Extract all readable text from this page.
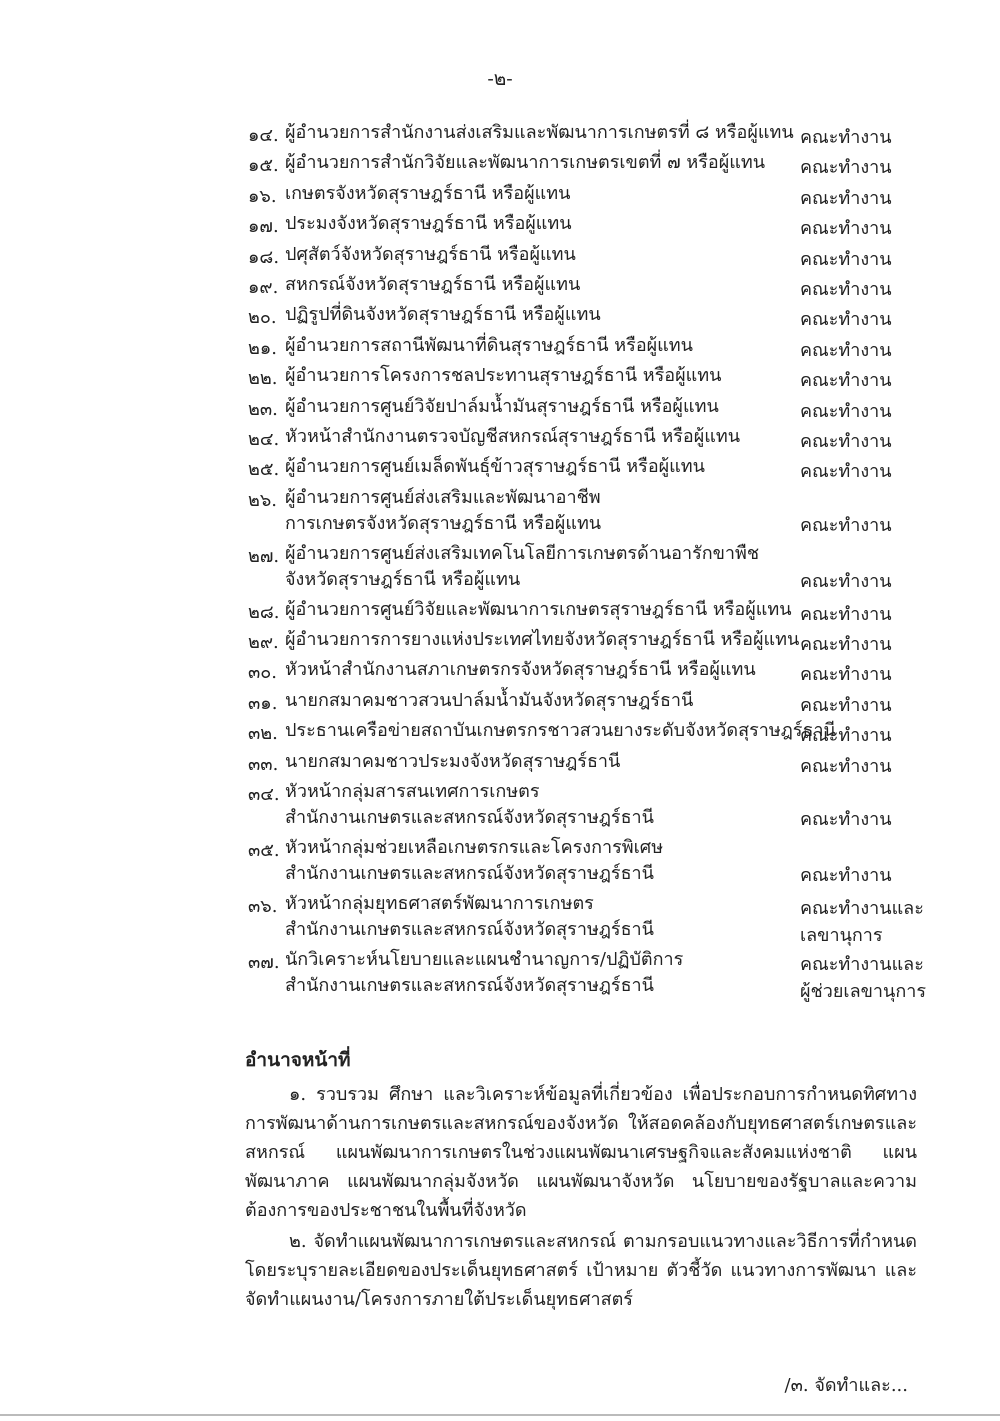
-๒-
๑๔. ผู้อำนวยการสำนักงานส่งเสริมและพัฒนาการเกษตรที่ ๘ หรือผู้แทน คณะทำงาน
๑๕. ผู้อำนวยการสำนักวิจัยและพัฒนาการเกษตรเขตที่ ๗ หรือผู้แทน คณะทำงาน
๑๖. เกษตรจังหวัดสุราษฎร์ธานี หรือผู้แทน	คณะทำงาน
๑๗. ประมงจังหวัดสุราษฎร์ธานี หรือผู้แทน	คณะทำงาน
๑๘. ปศุสัตว์จังหวัดสุราษฎร์ธานี หรือผู้แทน	คณะทำงาน
๑๙. สหกรณ์จังหวัดสุราษฎร์ธานี หรือผู้แทน	คณะทำงาน
๒๐. ปฏิรูปที่ดินจังหวัดสุราษฎร์ธานี หรือผู้แทน	คณะทำงาน
๒๑. ผู้อำนวยการสถานีพัฒนาที่ดินสุราษฎร์ธานี หรือผู้แทน	คณะทำงาน
๒๒. ผู้อำนวยการโครงการชลประทานสุราษฎร์ธานี หรือผู้แทน	คณะทำงาน
๒๓. ผู้อำนวยการศูนย์วิจัยปาล์มน้ำมันสุราษฎร์ธานี หรือผู้แทน	คณะทำงาน
๒๔. หัวหน้าสำนักงานตรวจบัญชีสหกรณ์สุราษฎร์ธานี หรือผู้แทน	คณะทำงาน
๒๕. ผู้อำนวยการศูนย์เมล็ดพันธุ์ข้าวสุราษฎร์ธานี หรือผู้แทน	คณะทำงาน
๒๖. ผู้อำนวยการศูนย์ส่งเสริมและพัฒนาอาชีพ
การเกษตรจังหวัดสุราษฎร์ธานี หรือผู้แทน	คณะทำงาน
๒๗. ผู้อำนวยการศูนย์ส่งเสริมเทคโนโลยีการเกษตรด้านอารักขาพืช
จังหวัดสุราษฎร์ธานี หรือผู้แทน	คณะทำงาน
๒๘. ผู้อำนวยการศูนย์วิจัยและพัฒนาการเกษตรสุราษฎร์ธานี หรือผู้แทน คณะทำงาน
๒๙. ผู้อำนวยการการยางแห่งประเทศไทยจังหวัดสุราษฎร์ธานี หรือผู้แทน คณะทำงาน
๓๐. หัวหน้าสำนักงานสภาเกษตรกรจังหวัดสุราษฎร์ธานี หรือผู้แทน คณะทำงาน
๓๑. นายกสมาคมชาวสวนปาล์มน้ำมันจังหวัดสุราษฎร์ธานี	คณะทำงาน
๓๒. ประธานเครือข่ายสถาบันเกษตรกรชาวสวนยางระดับจังหวัดสุราษฎร์ธานี
คณะทำงาน
๓๓. นายกสมาคมชาวประมงจังหวัดสุราษฎร์ธานี	คณะทำงาน
๓๔. หัวหน้ากลุ่มสารสนเทศการเกษตร
สำนักงานเกษตรและสหกรณ์จังหวัดสุราษฎร์ธานี	คณะทำงาน
๓๕. หัวหน้ากลุ่มช่วยเหลือเกษตรกรและโครงการพิเศษ
สำนักงานเกษตรและสหกรณ์จังหวัดสุราษฎร์ธานี	คณะทำงาน
๓๖. หัวหน้ากลุ่มยุทธศาสตร์พัฒนาการเกษตร
สำนักงานเกษตรและสหกรณ์จังหวัดสุราษฎร์ธานี
คณะทำงานและ
เลขานุการ
๓๗. นักวิเคราะห์นโยบายและแผนชำนาญการ/ปฏิบัติการ
สำนักงานเกษตรและสหกรณ์จังหวัดสุราษฎร์ธานี
คณะทำงานและ
ผู้ช่วยเลขานุการ
อำนาจหน้าที่

๑. รวบรวม ศึกษา และวิเคราะห์ข้อมูลที่เกี่ยวข้อง เพื่อประกอบการกำหนดทิศทางการพัฒนาด้านการเกษตรและสหกรณ์ของจังหวัด ให้สอดคล้องกับยุทธศาสตร์เกษตรและสหกรณ์ แผนพัฒนาการเกษตรในช่วงแผนพัฒนาเศรษฐกิจและสังคมแห่งชาติ แผนพัฒนาภาค แผนพัฒนากลุ่มจังหวัด แผนพัฒนาจังหวัด นโยบายของรัฐบาลและความต้องการของประชาชนในพื้นที่จังหวัด

๒. จัดทำแผนพัฒนาการเกษตรและสหกรณ์ ตามกรอบแนวทางและวิธีการที่กำหนด โดยระบุรายละเอียดของประเด็นยุทธศาสตร์ เป้าหมาย ตัวชี้วัด แนวทางการพัฒนา และจัดทำแผนงาน/โครงการภายใต้ประเด็นยุทธศาสตร์

/๓. จัดทำและ...
